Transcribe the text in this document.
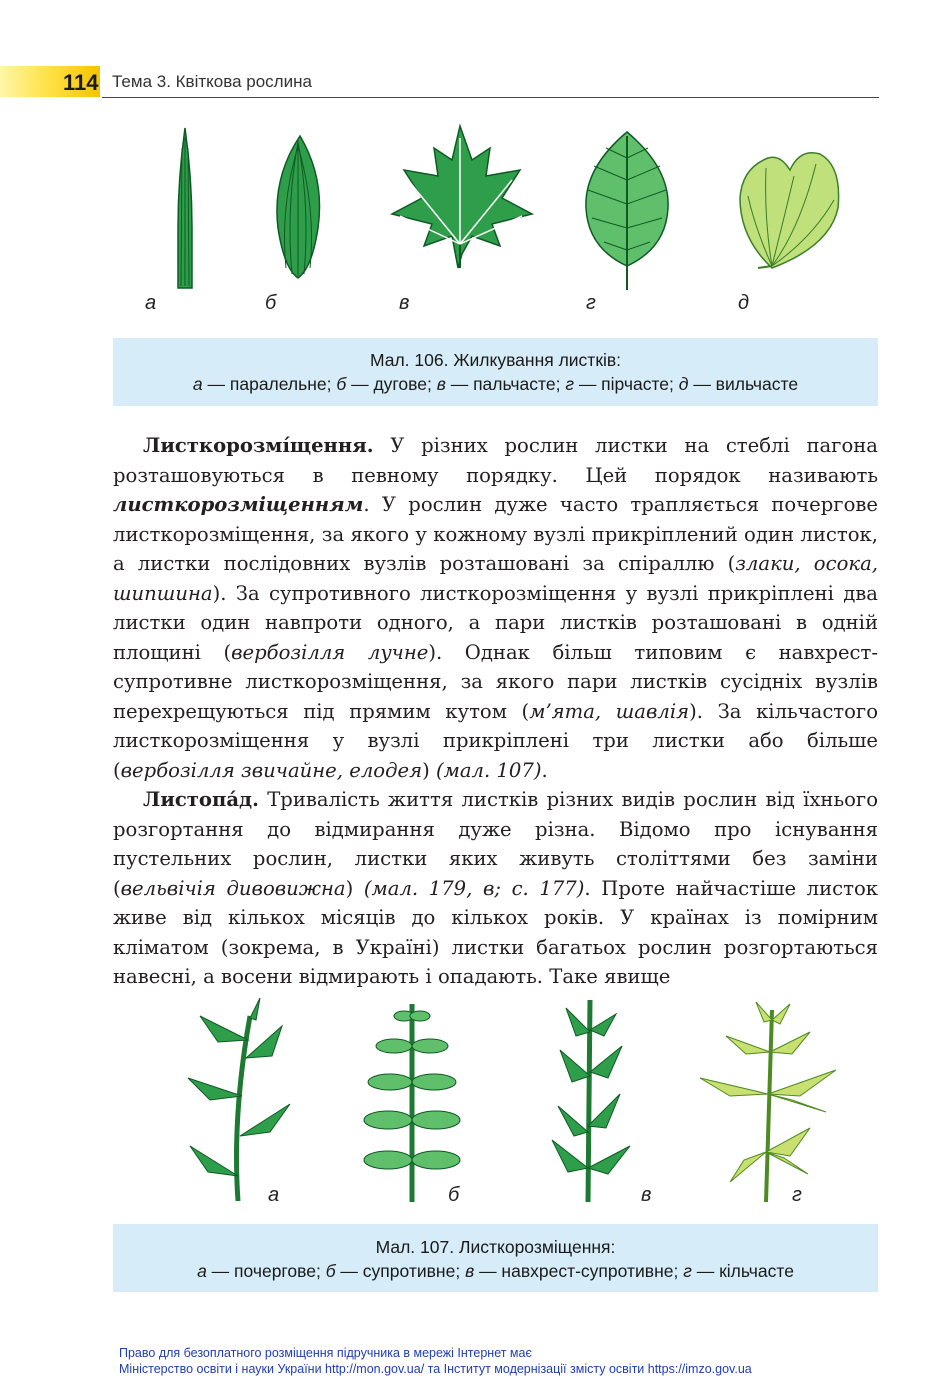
114 Тема 3. Квіткова рослина
а	б	в	г	д
Мал. 106. Жилкування листків:
а — паралельне; б — дугове; в — пальчасте; г — пірчасте; д — вильчасте

Листкорозмі́щення. У різних рослин листки на стеблі пагона розташовуються в певному порядку. Цей порядок називають листкорозміщенням. У рослин дуже часто трапляється почергове листкорозміщення, за якого у кожному вузлі прикріплений один листок, а листки послідовних вузлів розташовані за спіраллю (злаки, осока, шипшина). За супротивного листкорозміщення у вузлі прикріплені два листки один навпроти одного, а пари листків розташовані в одній площині (вербозілля лучне). Однак більш типовим є навхрест-супротивне листкорозміщення, за якого пари листків сусідніх вузлів перехрещуються під прямим кутом (м’ята, шавлія). За кільчастого листкорозміщення у вузлі прикріплені три листки або більше (вербозілля звичайне, елодея) (мал. 107).

Листопа́д. Тривалість життя листків різних видів рослин від їхнього розгортання до відмирання дуже різна. Відомо про існування пустельних рослин, листки яких живуть століттями без заміни (вельвічія дивовижна) (мал. 179, в; с. 177). Проте найчастіше листок живе від кількох місяців до кількох років. У країнах із помірним кліматом (зокрема, в Україні) листки багатьох рослин розгортаються навесні, а восени відмирають і опадають. Таке явище

а	б	в	г
Мал. 107. Листкорозміщення:
а — почергове; б — супротивне; в — навхрест-супротивне; г — кільчасте
Право для безоплатного розміщення підручника в мережі Інтернет має
Міністерство освіти і науки України http://mon.gov.ua/ та Інститут модернізації змісту освіти https://imzo.gov.ua
